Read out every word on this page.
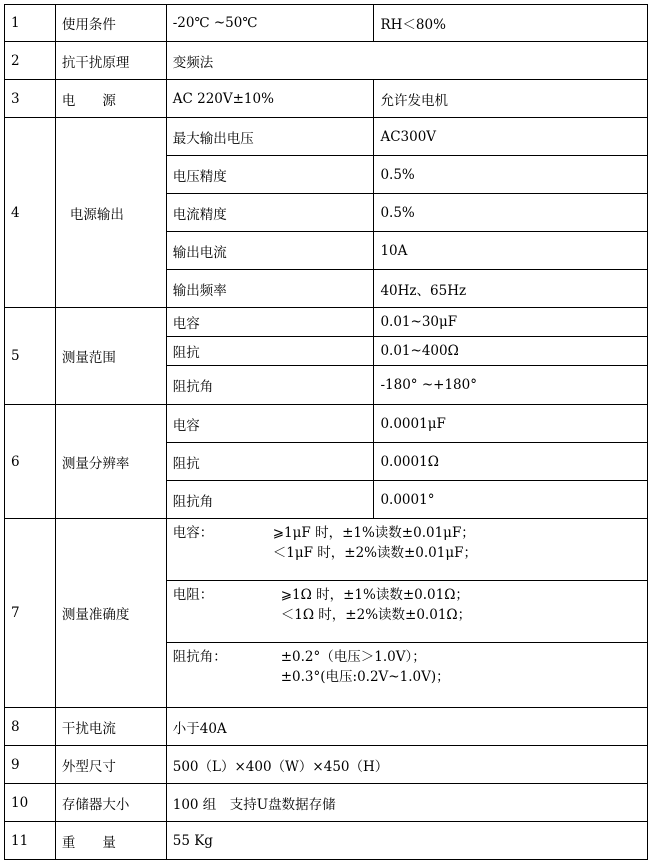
1	使用条件	-20℃ ~50℃	RH＜80%
2	抗干扰原理	变频法	
3	电　　源	AC 220V±10%	允许发电机
4	电源输出	最大输出电压	AC300V
		电压精度	0.5%
		电流精度	0.5%
		输出电流	10A
		输出频率	40Hz、65Hz
5	测量范围	电容	0.01~30μF
		阻抗	0.01~400Ω
		阻抗角	-180° ~+180°
6	测量分辨率	电容	0.0001μF
		阻抗	0.0001Ω
		阻抗角	0.0001°
7	测量准确度	电容： ⩾1μF 时，±1%读数±0.01μF；
＜1μF 时，±2%读数±0.01μF；	

		电阻： ⩾1Ω 时，±1%读数±0.01Ω；
＜1Ω 时，±2%读数±0.01Ω；	

		阻抗角： ±0.2°（电压＞1.0V）；
±0.3°(电压:0.2V~1.0V)；	

8	干扰电流	小于40A	
9	外型尺寸	500（L）×400（W）×450（H）	
10	存储器大小	100 组　支持U盘数据存储	
11	重　　量	55 Kg	
